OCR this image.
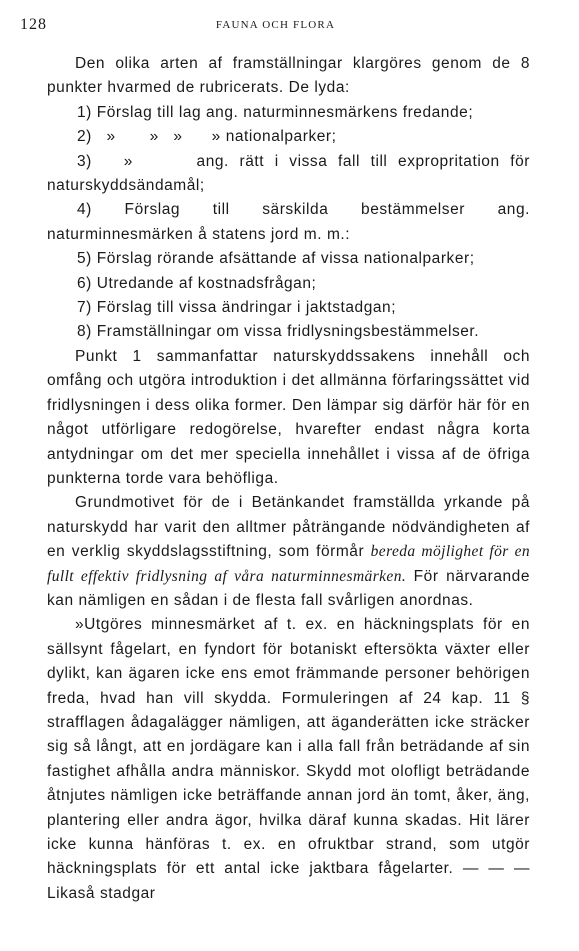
128	FAUNA OCH FLORA

Den olika arten af framställningar klargöres genom de 8 punkter hvarmed de rubricerats. De lyda:

1) Förslag till lag ang. naturminnesmärkens fredande;

2)   »       »   »      » nationalparker;

3)   »      ang. rätt i vissa fall till expropritation för naturskyddsändamål;

4) Förslag till särskilda bestämmelser ang. naturminnesmärken å statens jord m. m.:

5) Förslag rörande afsättande af vissa nationalparker;

6) Utredande af kostnadsfrågan;

7) Förslag till vissa ändringar i jaktstadgan;

8) Framställningar om vissa fridlysningsbestämmelser.

Punkt 1 sammanfattar naturskyddssakens innehåll och omfång och utgöra introduktion i det allmänna förfaringssättet vid fridlysningen i dess olika former. Den lämpar sig därför här för en något utförligare redogörelse, hvarefter endast några korta antydningar om det mer speciella innehållet i vissa af de öfriga punkterna torde vara behöfliga.

Grundmotivet för de i Betänkandet framställda yrkande på naturskydd har varit den alltmer påträngande nödvändigheten af en verklig skyddslagsstiftning, som förmår bereda möjlighet för en fullt effektiv fridlysning af våra naturminnesmärken. För närvarande kan nämligen en sådan i de flesta fall svårligen anordnas.

»Utgöres minnesmärket af t. ex. en häckningsplats för en sällsynt fågelart, en fyndort för botaniskt eftersökta växter eller dylikt, kan ägaren icke ens emot främmande personer behörigen freda, hvad han vill skydda. Formuleringen af 24 kap. 11 § strafflagen ådagalägger nämligen, att äganderätten icke sträcker sig så långt, att en jordägare kan i alla fall från beträdande af sin fastighet afhålla andra människor. Skydd mot olofligt beträdande åtnjutes nämligen icke beträffande annan jord än tomt, åker, äng, plantering eller andra ägor, hvilka däraf kunna skadas. Hit lärer icke kunna hänföras t. ex. en ofruktbar strand, som utgör häckningsplats för ett antal icke jaktbara fågelarter. — — — Likaså stadgar
